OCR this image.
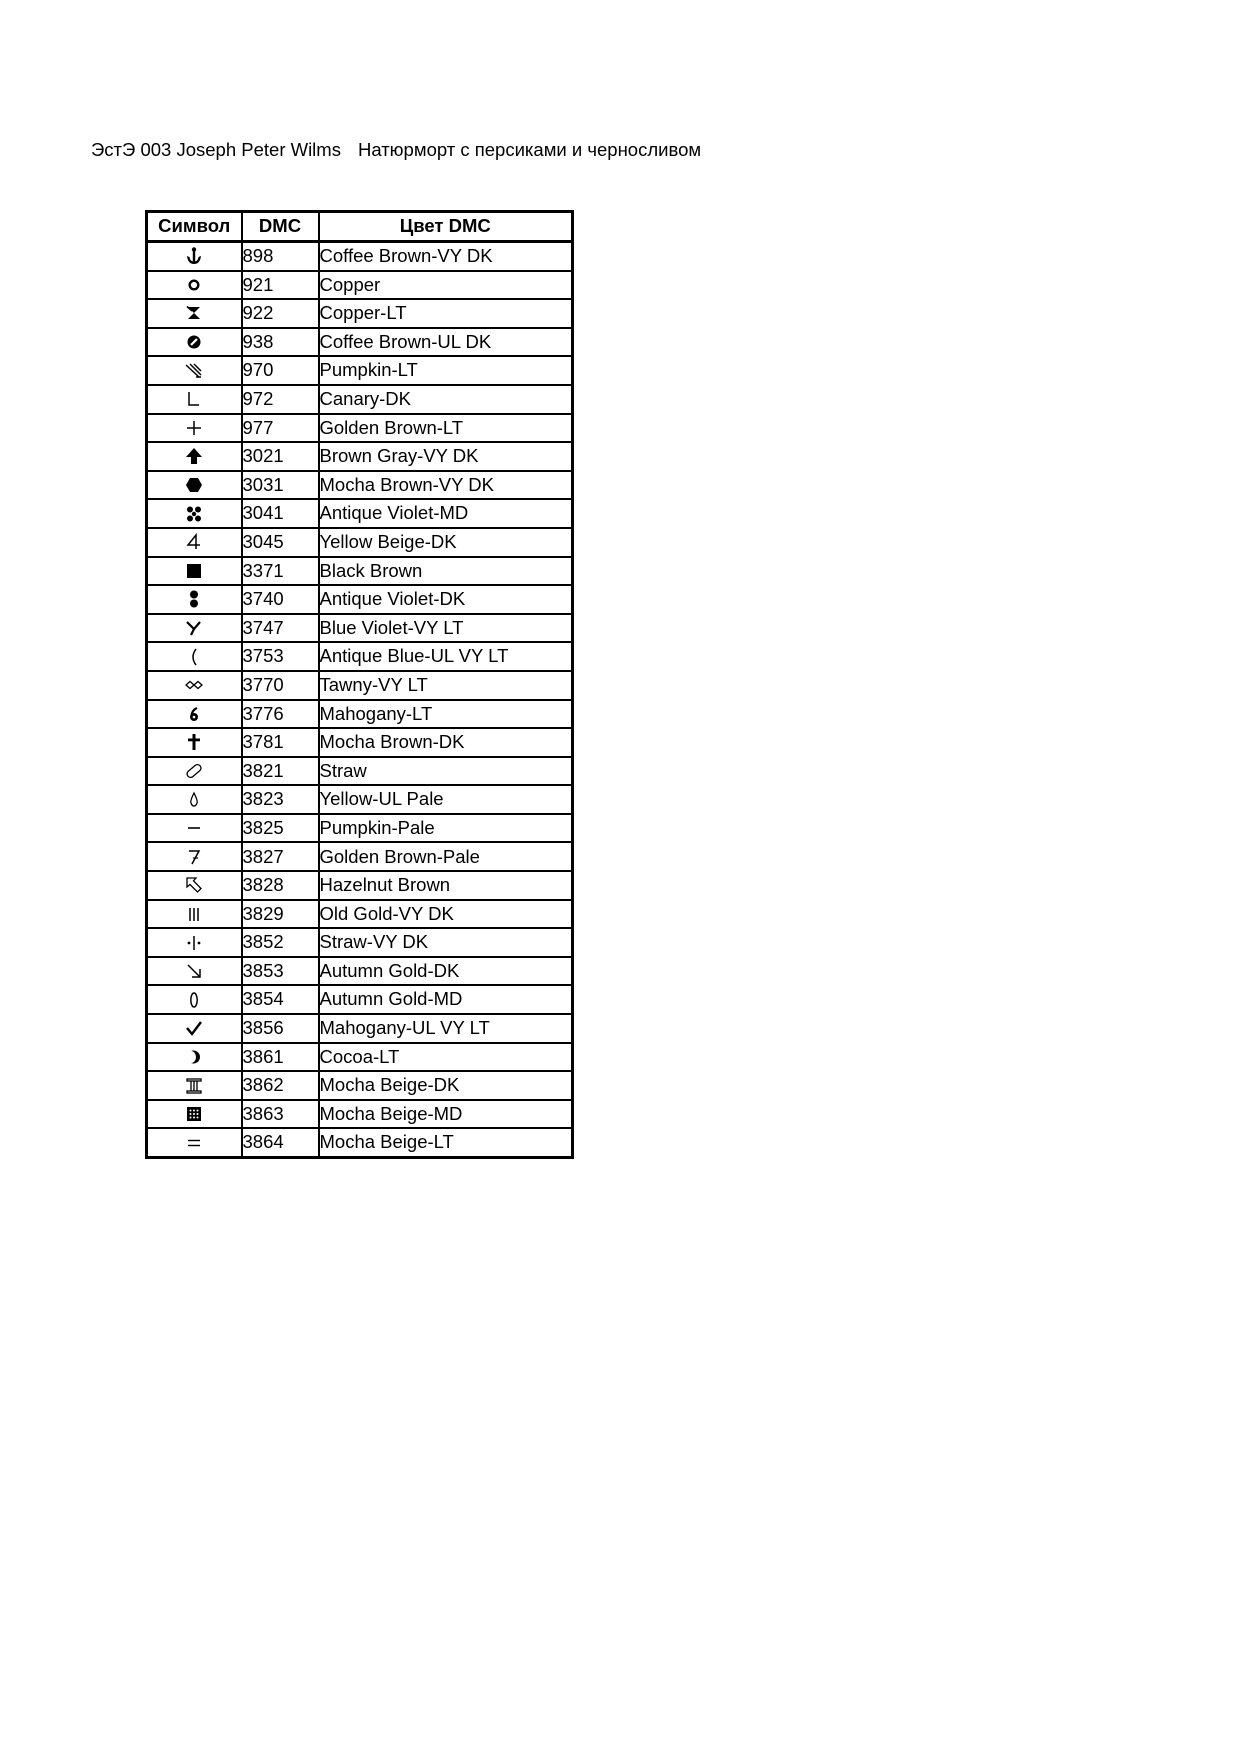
ЭстЭ 003 Joseph Peter Wilms Натюрморт с персиками и черносливом
Символ	DMC	Цвет DMC

	898	Coffee Brown-VY DK

	921	Copper

	922	Copper-LT

	938	Coffee Brown-UL DK

	970	Pumpkin-LT

	972	Canary-DK

	977	Golden Brown-LT

	3021	Brown Gray-VY DK

	3031	Mocha Brown-VY DK

	3041	Antique Violet-MD

	3045	Yellow Beige-DK

	3371	Black Brown

	3740	Antique Violet-DK

	3747	Blue Violet-VY LT

	3753	Antique Blue-UL VY LT

	3770	Tawny-VY LT

	3776	Mahogany-LT

	3781	Mocha Brown-DK

	3821	Straw

	3823	Yellow-UL Pale

	3825	Pumpkin-Pale

	3827	Golden Brown-Pale

	3828	Hazelnut Brown

	3829	Old Gold-VY DK

	3852	Straw-VY DK

	3853	Autumn Gold-DK

	3854	Autumn Gold-MD

	3856	Mahogany-UL VY LT

	3861	Cocoa-LT

	3862	Mocha Beige-DK

	3863	Mocha Beige-MD

	3864	Mocha Beige-LT
